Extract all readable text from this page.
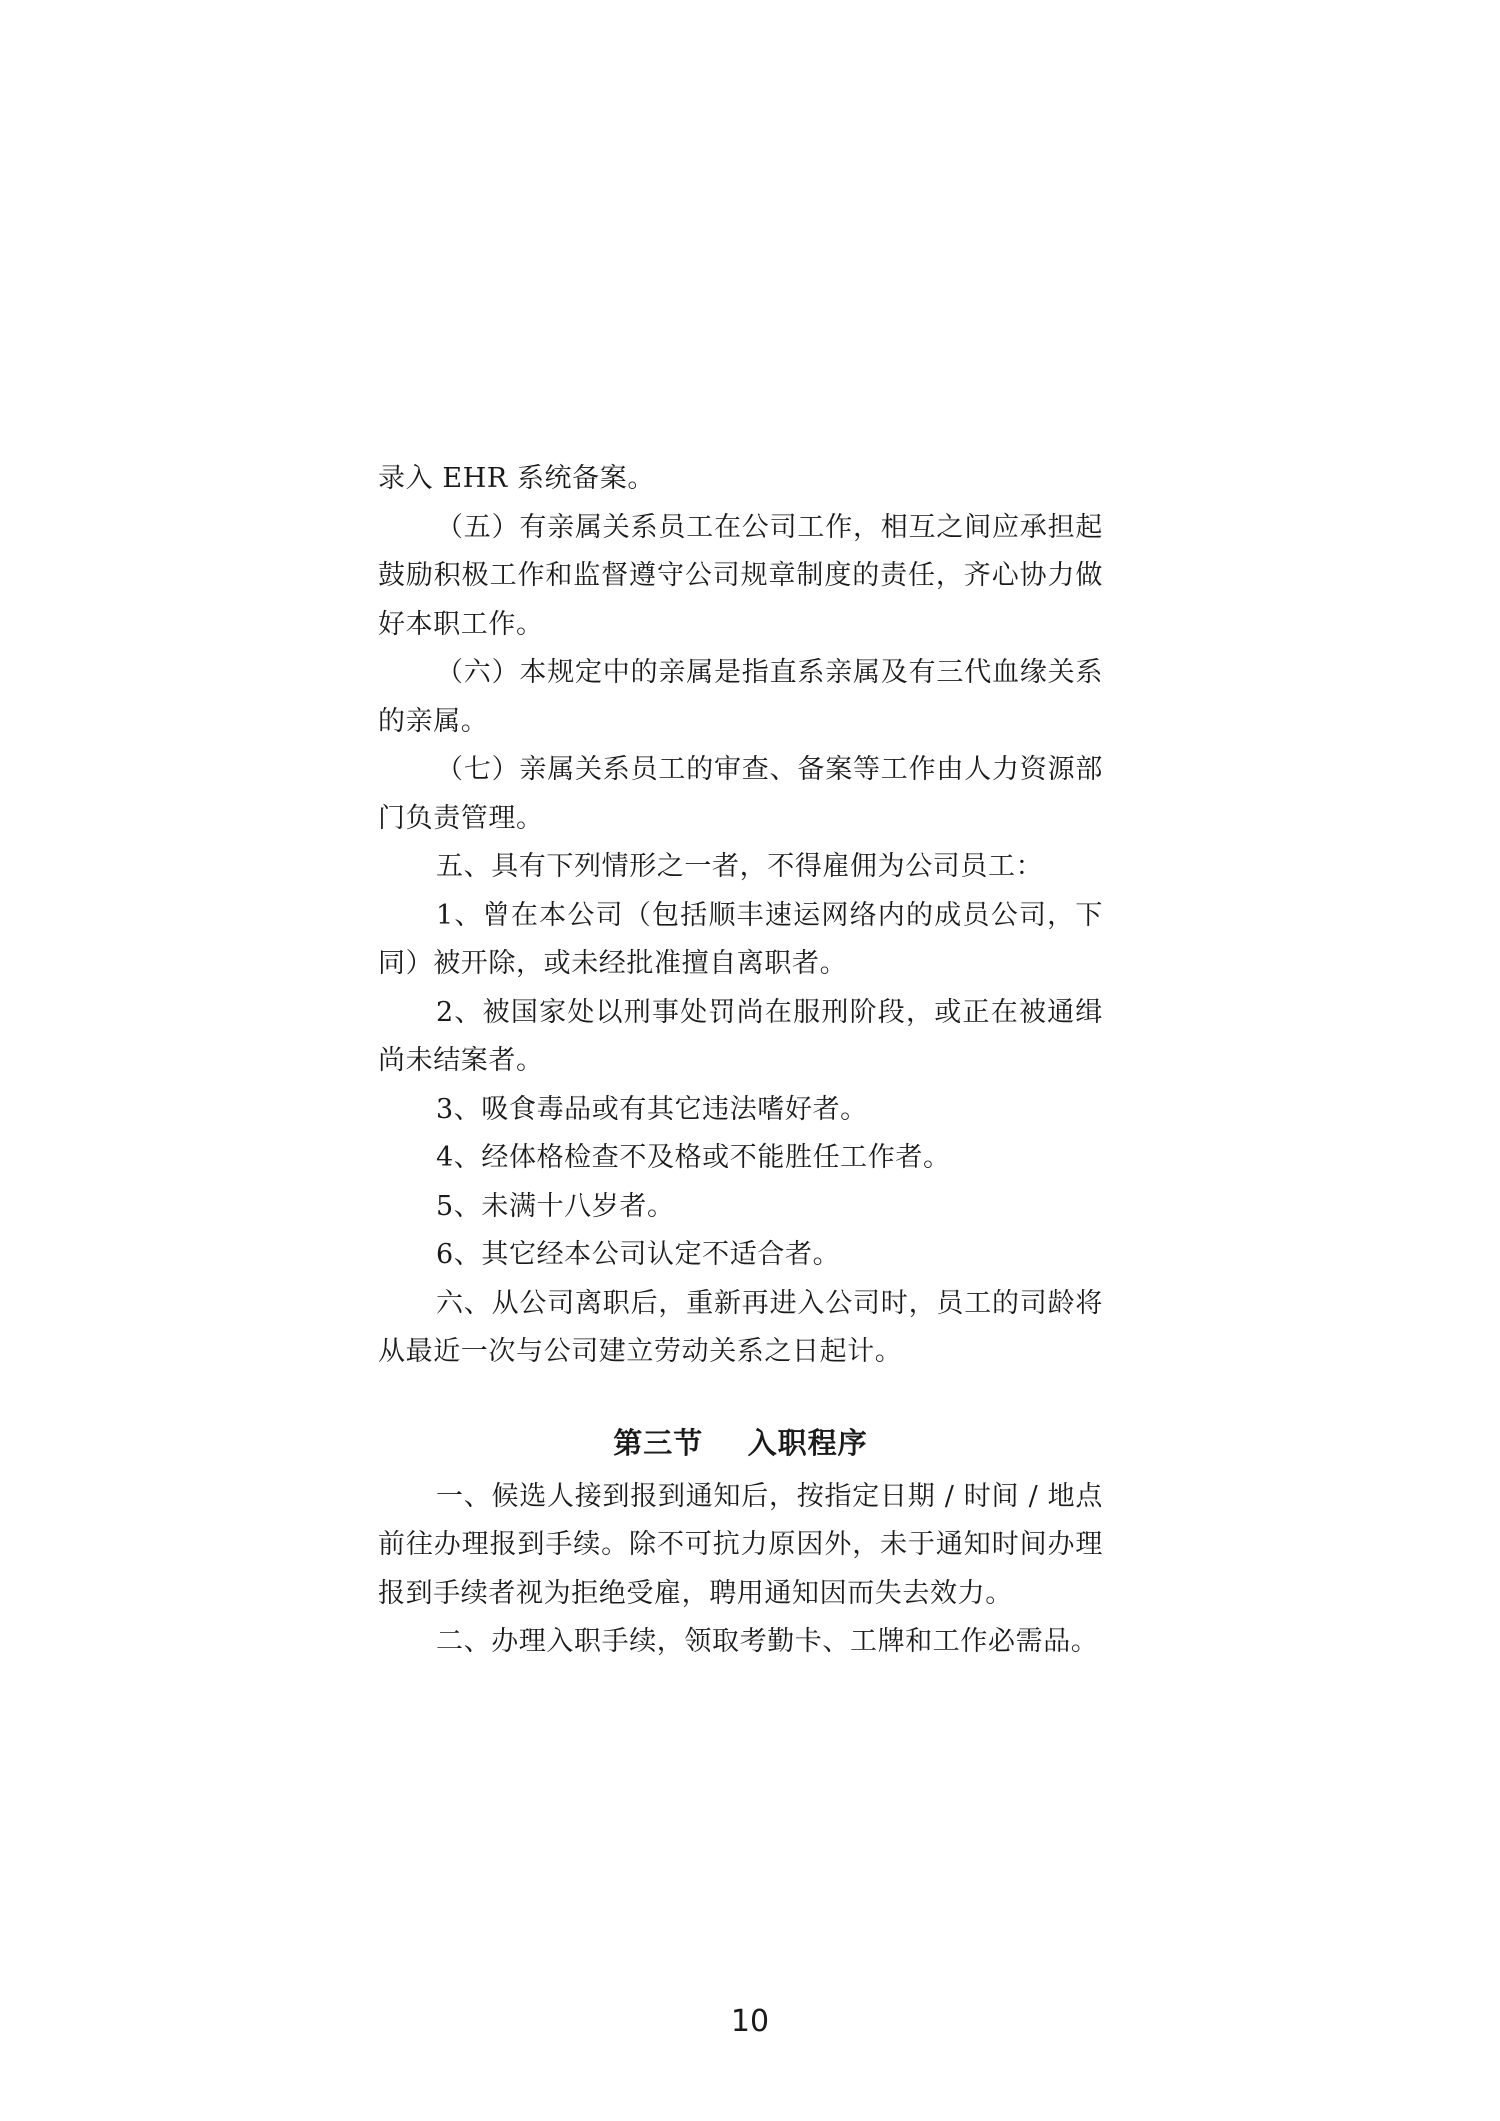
录入 EHR 系统备案。

（五）有亲属关系员工在公司工作，相互之间应承担起鼓励积极工作和监督遵守公司规章制度的责任，齐心协力做好本职工作。

（六）本规定中的亲属是指直系亲属及有三代血缘关系的亲属。

（七）亲属关系员工的审查、备案等工作由人力资源部门负责管理。

五、具有下列情形之一者，不得雇佣为公司员工：

1、曾在本公司（包括顺丰速运网络内的成员公司，下同）被开除，或未经批准擅自离职者。

2、被国家处以刑事处罚尚在服刑阶段，或正在被通缉尚未结案者。

3、吸食毒品或有其它违法嗜好者。

4、经体格检查不及格或不能胜任工作者。

5、未满十八岁者。

6、其它经本公司认定不适合者。

六、从公司离职后，重新再进入公司时，员工的司龄将从最近一次与公司建立劳动关系之日起计。

第三节    入职程序

一、候选人接到报到通知后，按指定日期 / 时间 / 地点前往办理报到手续。除不可抗力原因外，未于通知时间办理报到手续者视为拒绝受雇，聘用通知因而失去效力。

二、办理入职手续，领取考勤卡、工牌和工作必需品。

10
